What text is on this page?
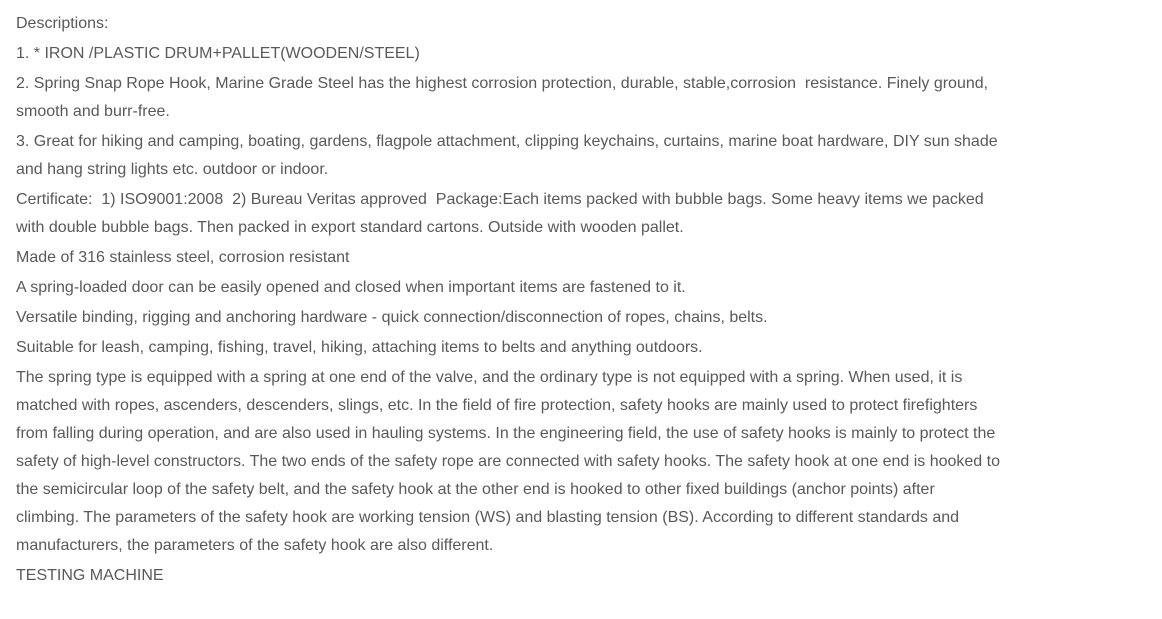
Descriptions:

1. * IRON /PLASTIC DRUM+PALLET(WOODEN/STEEL)

2. Spring Snap Rope Hook, Marine Grade Steel has the highest corrosion protection, durable, stable,corrosion  resistance. Finely ground, smooth and burr-free.

3. Great for hiking and camping, boating, gardens, flagpole attachment, clipping keychains, curtains, marine boat hardware, DIY sun shade and hang string lights etc. outdoor or indoor.

Certificate:  1) ISO9001:2008  2) Bureau Veritas approved  Package:Each items packed with bubble bags. Some heavy items we packed with double bubble bags. Then packed in export standard cartons. Outside with wooden pallet.

Made of 316 stainless steel, corrosion resistant

A spring-loaded door can be easily opened and closed when important items are fastened to it.

Versatile binding, rigging and anchoring hardware - quick connection/disconnection of ropes, chains, belts.

Suitable for leash, camping, fishing, travel, hiking, attaching items to belts and anything outdoors.

The spring type is equipped with a spring at one end of the valve, and the ordinary type is not equipped with a spring. When used, it is matched with ropes, ascenders, descenders, slings, etc. In the field of fire protection, safety hooks are mainly used to protect firefighters from falling during operation, and are also used in hauling systems. In the engineering field, the use of safety hooks is mainly to protect the safety of high-level constructors. The two ends of the safety rope are connected with safety hooks. The safety hook at one end is hooked to the semicircular loop of the safety belt, and the safety hook at the other end is hooked to other fixed buildings (anchor points) after climbing. The parameters of the safety hook are working tension (WS) and blasting tension (BS). According to different standards and manufacturers, the parameters of the safety hook are also different.

TESTING MACHINE
